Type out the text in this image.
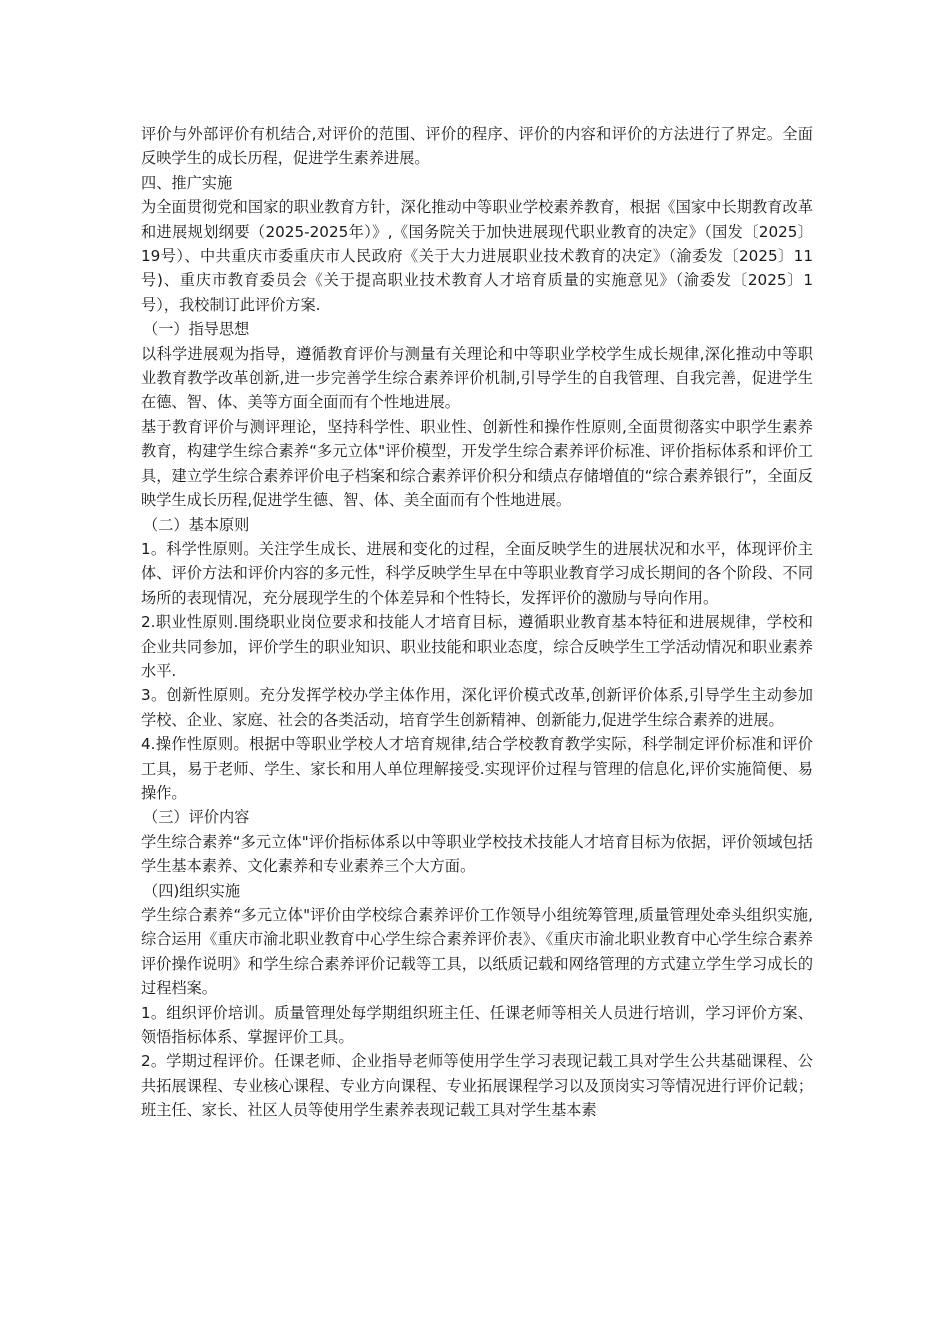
评价与外部评价有机结合,对评价的范围、评价的程序、评价的内容和评价的方法进行了界定。全面反映学生的成长历程，促进学生素养进展。

四、推广实施

为全面贯彻党和国家的职业教育方针，深化推动中等职业学校素养教育，根据《国家中长期教育改革和进展规划纲要（2025-2025年）》,《国务院关于加快进展现代职业教育的决定》（国发〔2025〕19号）、中共重庆市委重庆市人民政府《关于大力进展职业技术教育的决定》（渝委发〔2025〕11号)、重庆市教育委员会《关于提高职业技术教育人才培育质量的实施意见》（渝委发〔2025〕1号），我校制订此评价方案.

（一）指导思想

以科学进展观为指导，遵循教育评价与测量有关理论和中等职业学校学生成长规律,深化推动中等职业教育教学改革创新,进一步完善学生综合素养评价机制,引导学生的自我管理、自我完善，促进学生在德、智、体、美等方面全面而有个性地进展。

基于教育评价与测评理论，坚持科学性、职业性、创新性和操作性原则,全面贯彻落实中职学生素养教育，构建学生综合素养“多元立体"评价模型，开发学生综合素养评价标准、评价指标体系和评价工具，建立学生综合素养评价电子档案和综合素养评价积分和绩点存储增值的“综合素养银行”，全面反映学生成长历程,促进学生德、智、体、美全面而有个性地进展。

（二）基本原则

1。科学性原则。关注学生成长、进展和变化的过程，全面反映学生的进展状况和水平，体现评价主体、评价方法和评价内容的多元性，科学反映学生早在中等职业教育学习成长期间的各个阶段、不同场所的表现情况，充分展现学生的个体差异和个性特长，发挥评价的激励与导向作用。

2.职业性原则.围绕职业岗位要求和技能人才培育目标，遵循职业教育基本特征和进展规律，学校和企业共同参加，评价学生的职业知识、职业技能和职业态度，综合反映学生工学活动情况和职业素养水平.

3。创新性原则。充分发挥学校办学主体作用，深化评价模式改革,创新评价体系,引导学生主动参加学校、企业、家庭、社会的各类活动，培育学生创新精神、创新能力,促进学生综合素养的进展。

4.操作性原则。根据中等职业学校人才培育规律,结合学校教育教学实际，科学制定评价标准和评价工具，易于老师、学生、家长和用人单位理解接受.实现评价过程与管理的信息化,评价实施简便、易操作。

（三）评价内容

学生综合素养“多元立体"评价指标体系以中等职业学校技术技能人才培育目标为依据，评价领域包括学生基本素养、文化素养和专业素养三个大方面。

（四)组织实施

学生综合素养“多元立体"评价由学校综合素养评价工作领导小组统筹管理,质量管理处牵头组织实施,综合运用《重庆市渝北职业教育中心学生综合素养评价表》、《重庆市渝北职业教育中心学生综合素养评价操作说明》和学生综合素养评价记载等工具，以纸质记载和网络管理的方式建立学生学习成长的过程档案。

1。组织评价培训。质量管理处每学期组织班主任、任课老师等相关人员进行培训，学习评价方案、领悟指标体系、掌握评价工具。

2。学期过程评价。任课老师、企业指导老师等使用学生学习表现记载工具对学生公共基础课程、公共拓展课程、专业核心课程、专业方向课程、专业拓展课程学习以及顶岗实习等情况进行评价记载；班主任、家长、社区人员等使用学生素养表现记载工具对学生基本素
